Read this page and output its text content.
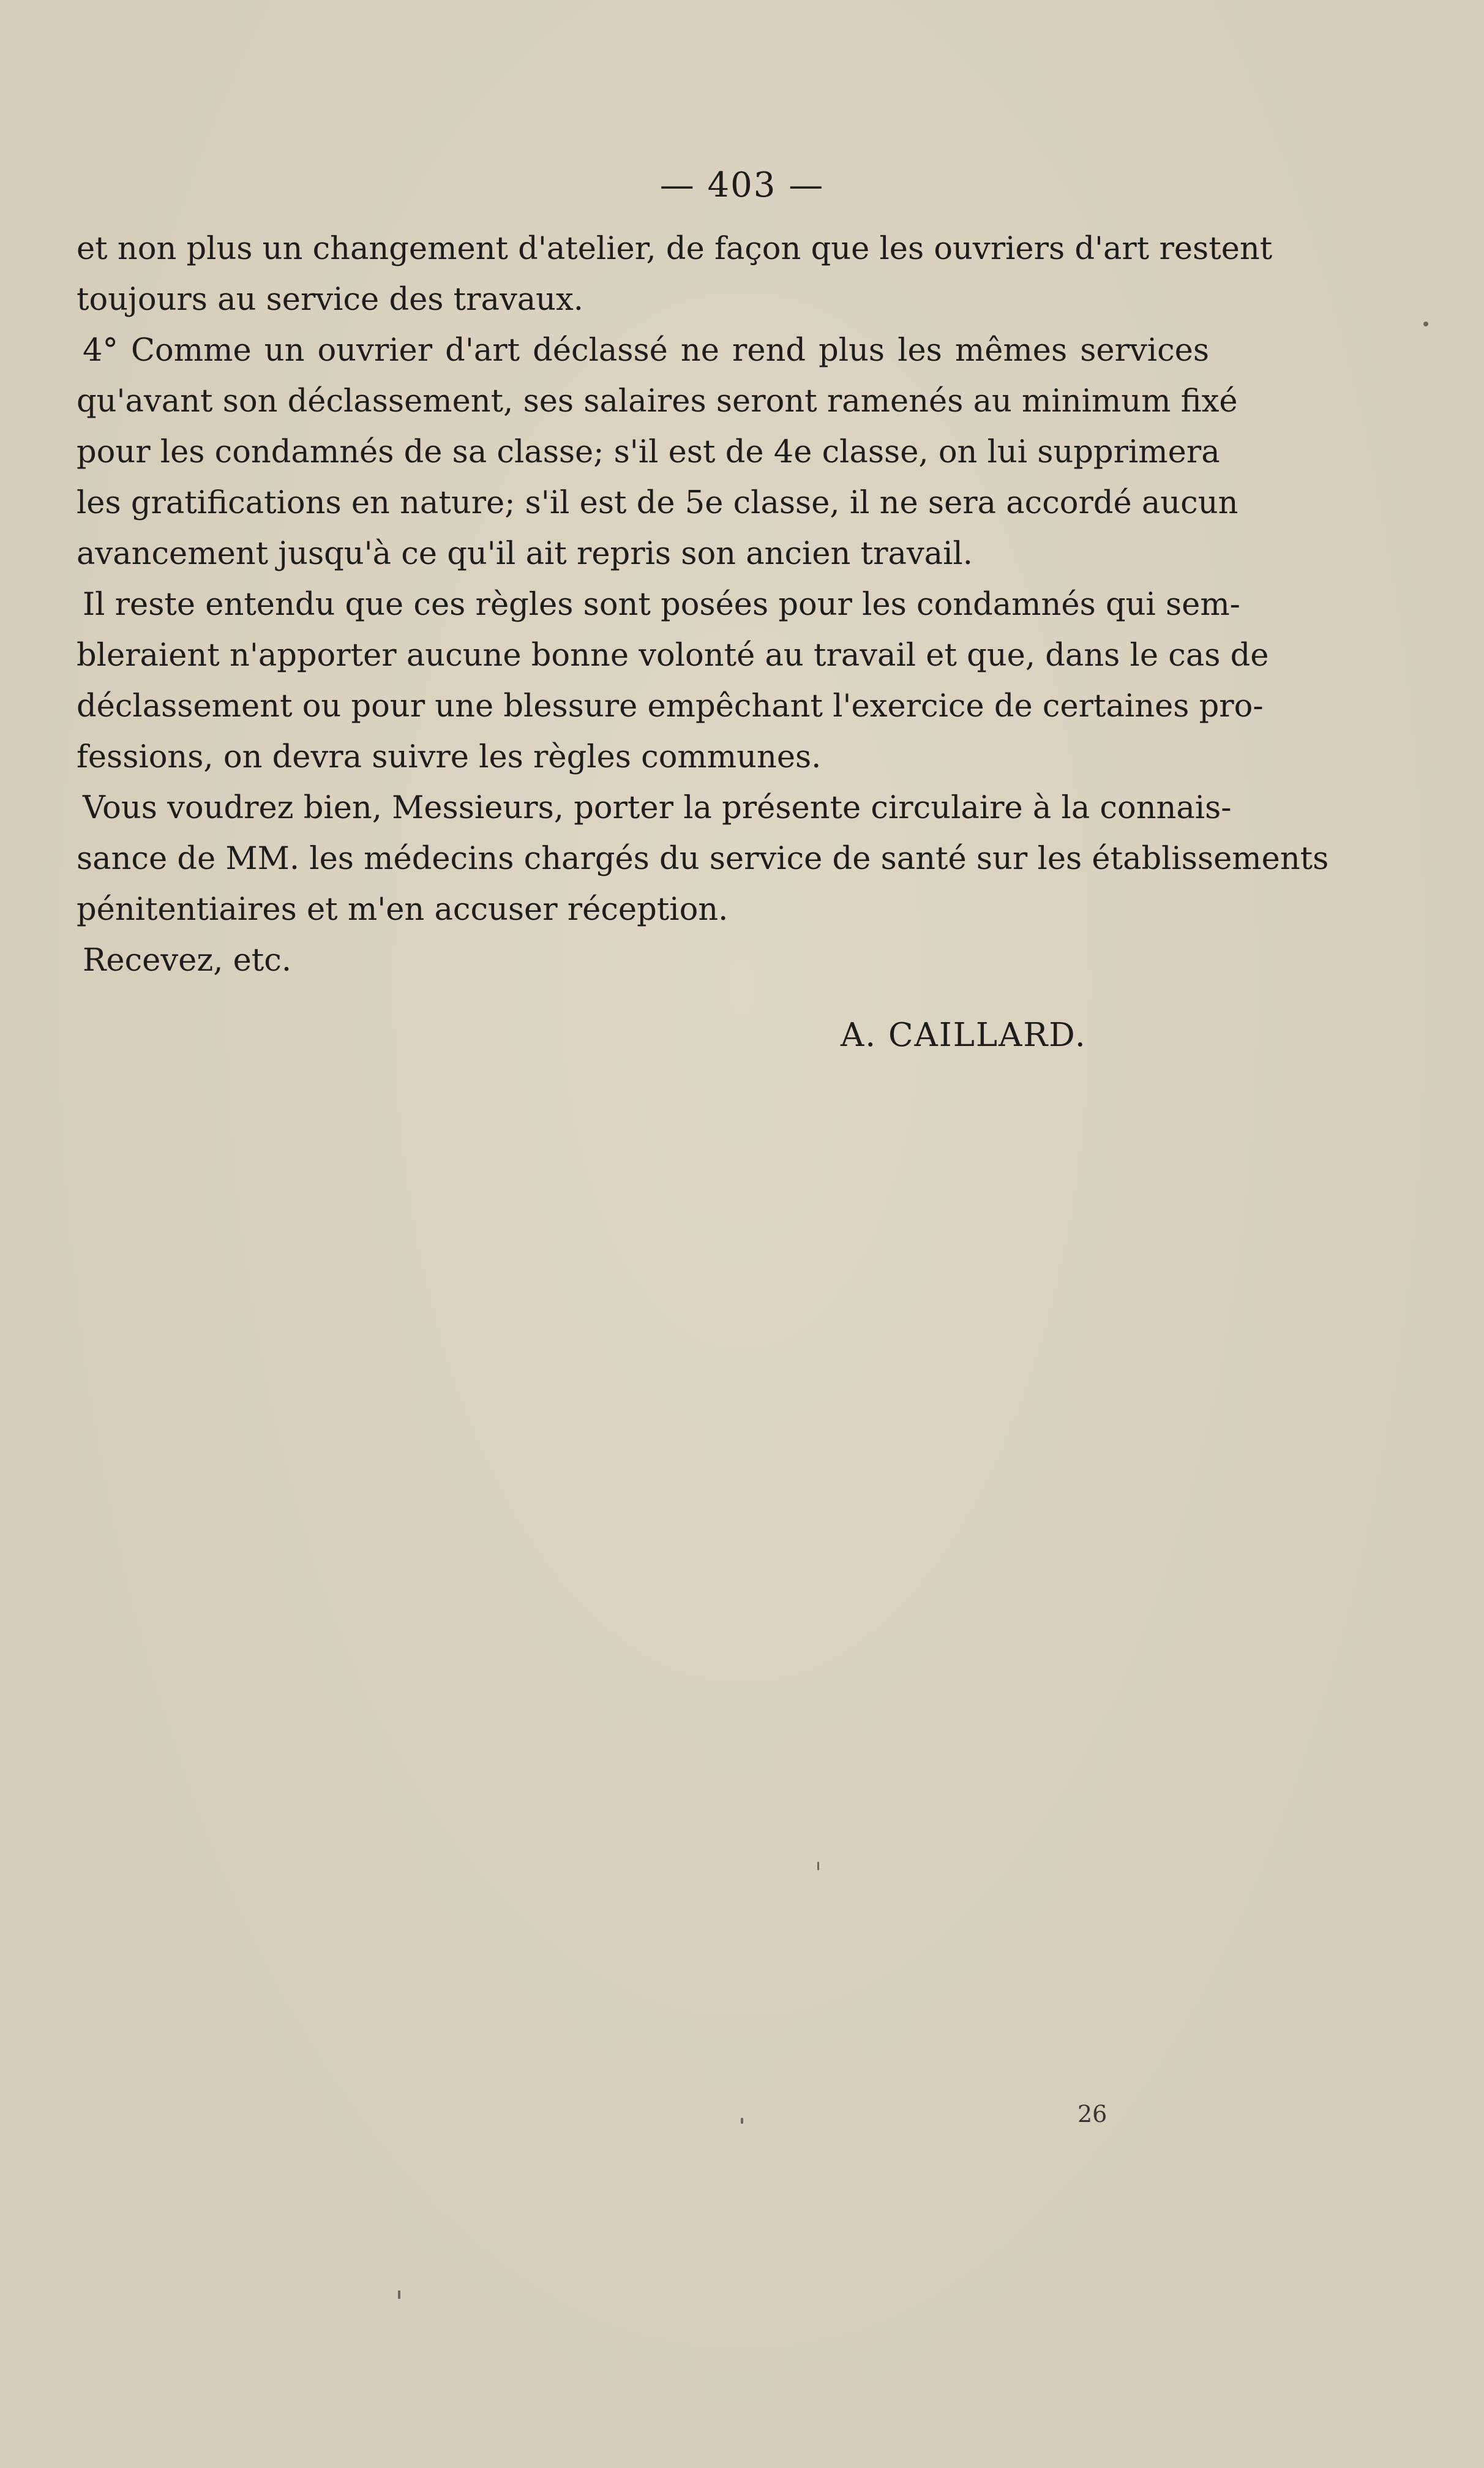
— 403 —

et non plus un changement d'atelier, de façon que les ouvriers d'art restent

toujours au service des travaux.

4° Comme un ouvrier d'art déclassé ne rend plus les mêmes services

qu'avant son déclassement, ses salaires seront ramenés au minimum fixé

pour les condamnés de sa classe; s'il est de 4e classe, on lui supprimera

les gratifications en nature; s'il est de 5e classe, il ne sera accordé aucun

avancement jusqu'à ce qu'il ait repris son ancien travail.

Il reste entendu que ces règles sont posées pour les condamnés qui sem-

bleraient n'apporter aucune bonne volonté au travail et que, dans le cas de

déclassement ou pour une blessure empêchant l'exercice de certaines pro-

fessions, on devra suivre les règles communes.

Vous voudrez bien, Messieurs, porter la présente circulaire à la connais-

sance de MM. les médecins chargés du service de santé sur les établissements

pénitentiaires et m'en accuser réception.

Recevez, etc.

A. CAILLARD.
26
